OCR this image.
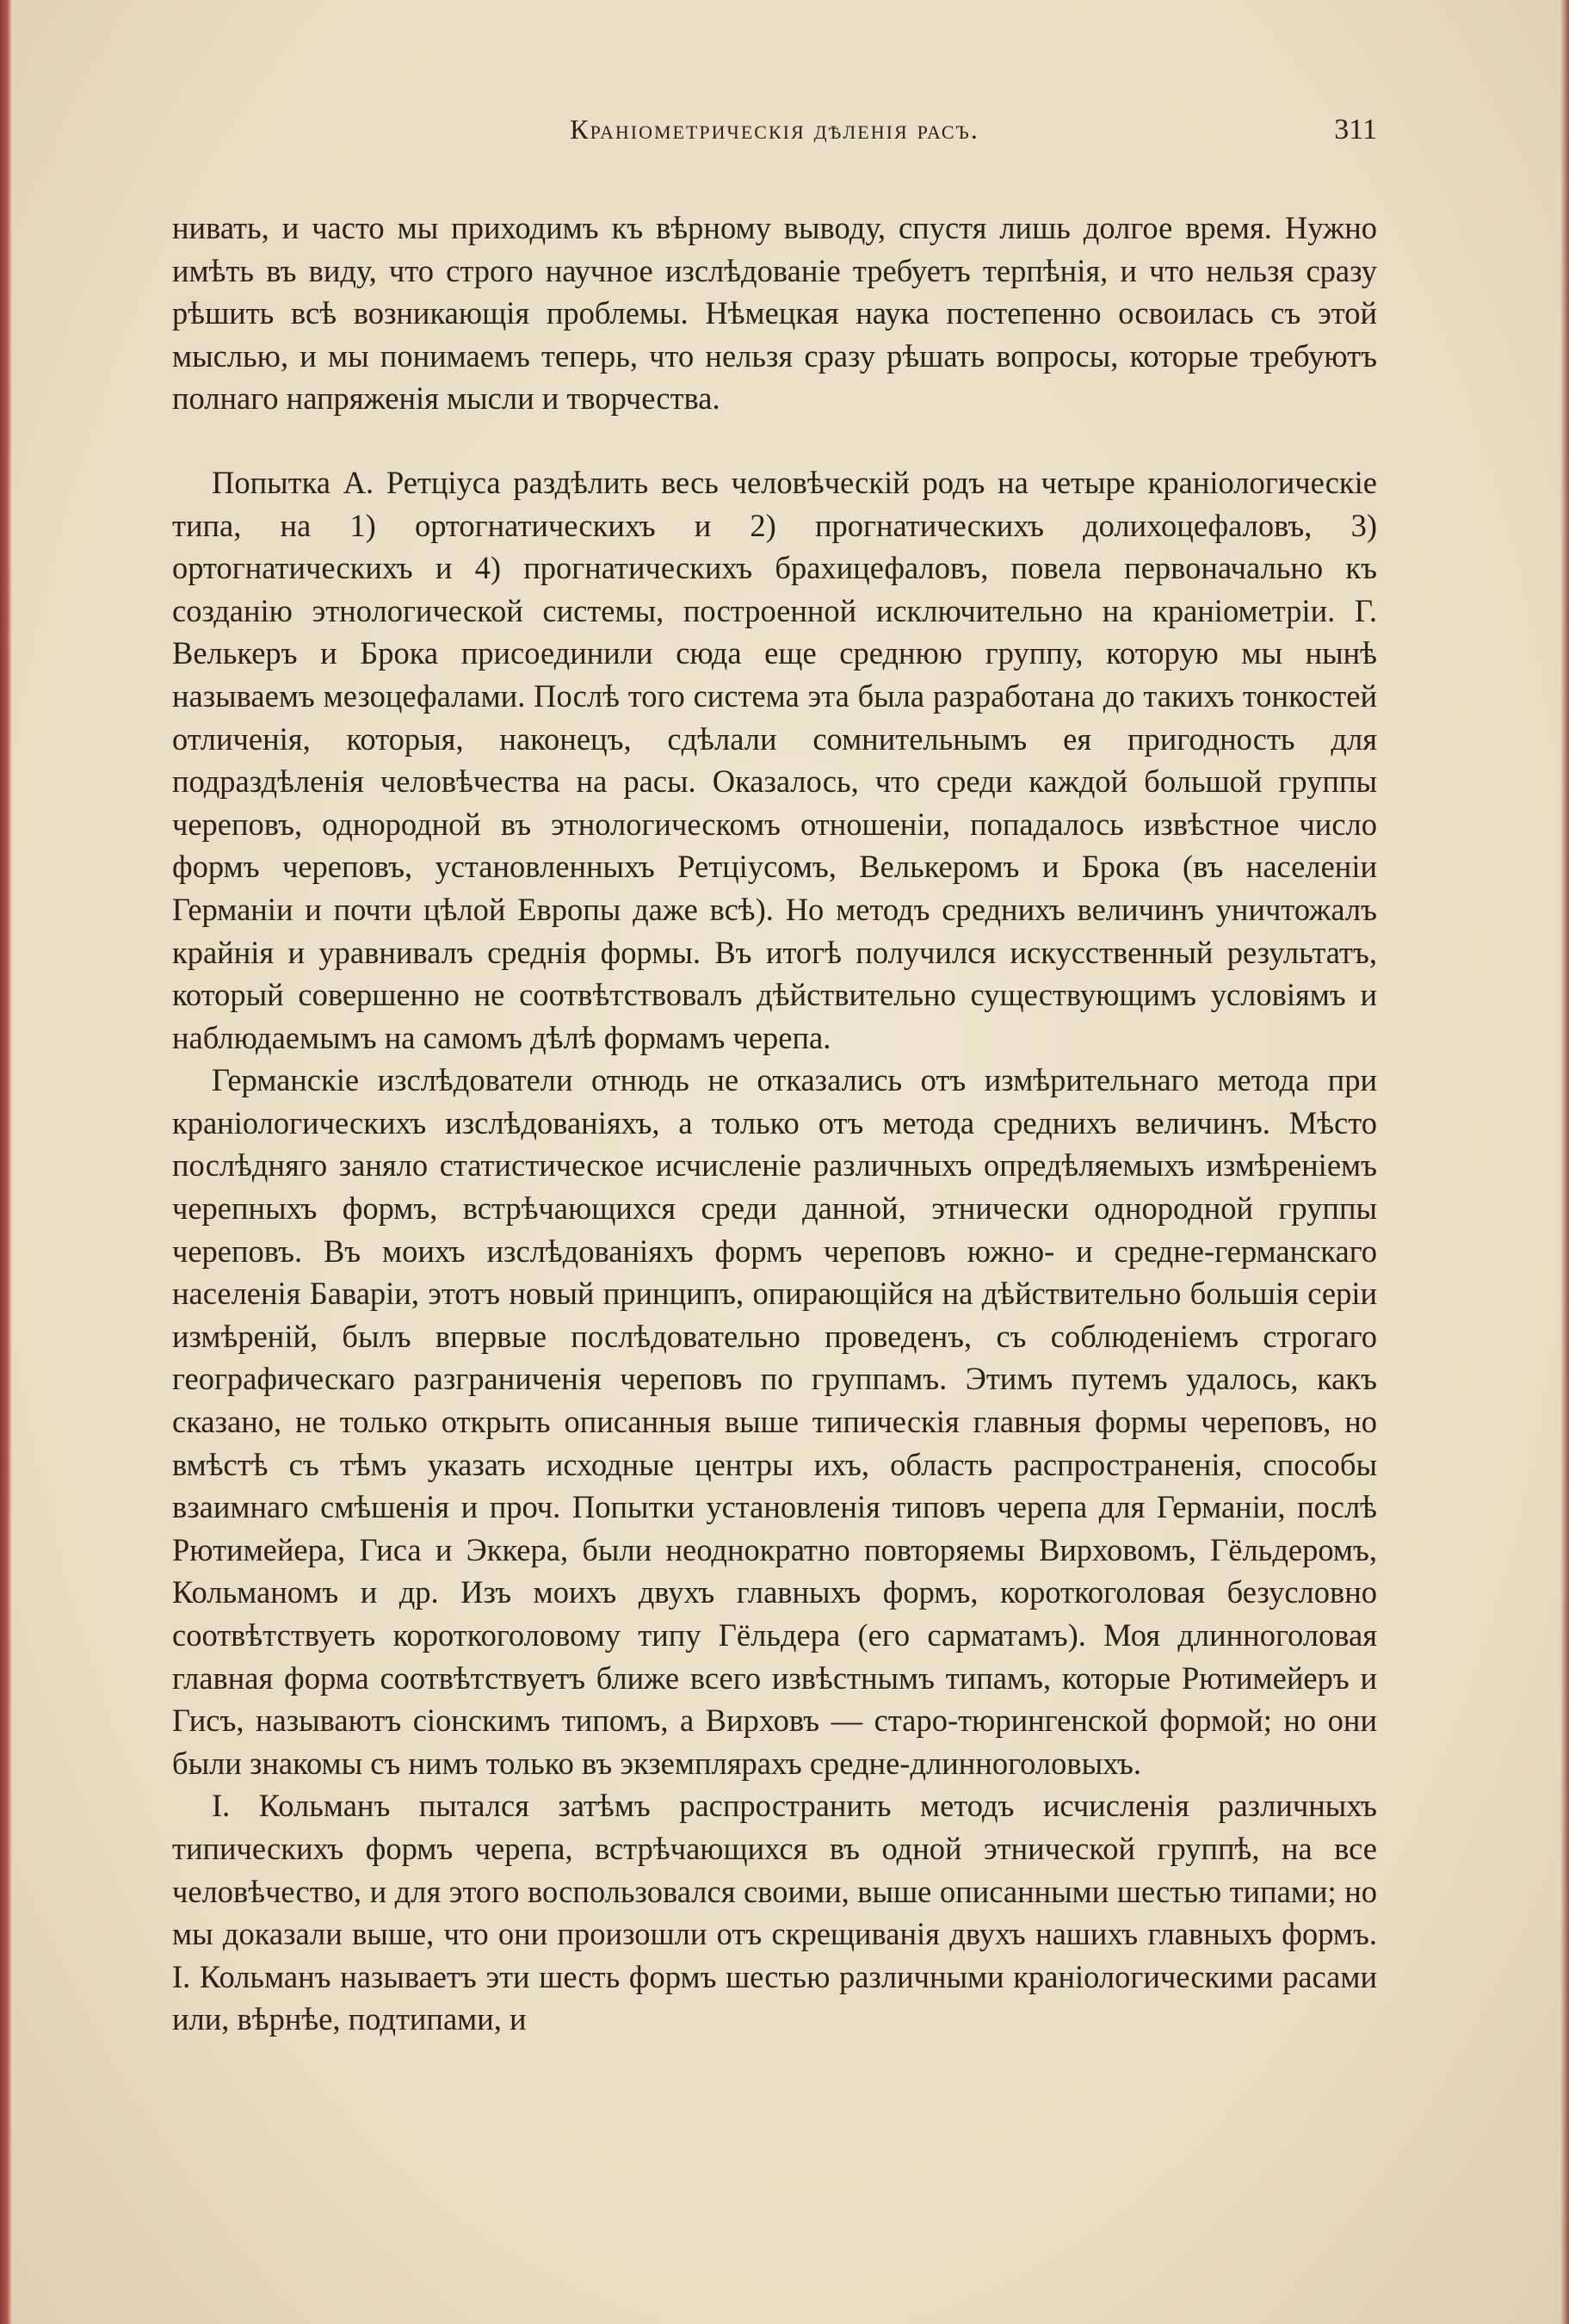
Краніометрическія дѣленія расъ.	311

нивать, и часто мы приходимъ къ вѣрному выводу, спустя лишь долгое время. Нужно имѣть въ виду, что строго научное изслѣдованіе требуетъ терпѣнія, и что нельзя сразу рѣшить всѣ возникающія проблемы. Нѣмецкая наука постепенно освоилась съ этой мыслью, и мы понимаемъ теперь, что нельзя сразу рѣшать вопросы, которые требуютъ полнаго напряженія мысли и творчества.

Попытка А. Ретціуса раздѣлить весь человѣческій родъ на четыре краніологическіе типа, на 1) ортогнатическихъ и 2) прогнатическихъ долихоцефаловъ, 3) ортогнатическихъ и 4) прогнатическихъ брахицефаловъ, повела первоначально къ созданію этнологической системы, построенной исключительно на краніометріи. Г. Велькеръ и Брока присоединили сюда еще среднюю группу, которую мы нынѣ называемъ мезоцефалами. Послѣ того система эта была разработана до такихъ тонкостей отличенія, которыя, наконецъ, сдѣлали сомнительнымъ ея пригодность для подраздѣленія человѣчества на расы. Оказалось, что среди каждой большой группы череповъ, однородной въ этнологическомъ отношеніи, попадалось извѣстное число формъ череповъ, установленныхъ Ретціусомъ, Велькеромъ и Брока (въ населеніи Германіи и почти цѣлой Европы даже всѣ). Но методъ среднихъ величинъ уничтожалъ крайнія и уравнивалъ среднія формы. Въ итогѣ получился искусственный результатъ, который совершенно не соотвѣтствовалъ дѣйствительно существующимъ условіямъ и наблюдаемымъ на самомъ дѣлѣ формамъ черепа.

Германскіе изслѣдователи отнюдь не отказались отъ измѣрительнаго метода при краніологическихъ изслѣдованіяхъ, а только отъ метода среднихъ величинъ. Мѣсто послѣдняго заняло статистическое исчисленіе различныхъ опредѣляемыхъ измѣреніемъ черепныхъ формъ, встрѣчающихся среди данной, этнически однородной группы череповъ. Въ моихъ изслѣдованіяхъ формъ череповъ южно- и средне-германскаго населенія Баваріи, этотъ новый принципъ, опирающійся на дѣйствительно большія серіи измѣреній, былъ впервые послѣдовательно проведенъ, съ соблюденіемъ строгаго географическаго разграниченія череповъ по группамъ. Этимъ путемъ удалось, какъ сказано, не только открыть описанныя выше типическія главныя формы череповъ, но вмѣстѣ съ тѣмъ указать исходные центры ихъ, область распространенія, способы взаимнаго смѣшенія и проч. Попытки установленія типовъ черепа для Германіи, послѣ Рютимейера, Гиса и Эккера, были неоднократно повторяемы Вирховомъ, Гёльдеромъ, Кольманомъ и др. Изъ моихъ двухъ главныхъ формъ, короткоголовая безусловно соотвѣтствуеть короткоголовому типу Гёльдера (его сарматамъ). Моя длинноголовая главная форма соотвѣтствуетъ ближе всего извѣстнымъ типамъ, которые Рютимейеръ и Гисъ, называютъ сіонскимъ типомъ, а Вирховъ — старо-тюрингенской формой; но они были знакомы съ нимъ только въ экземплярахъ средне-длинноголовыхъ.

I. Кольманъ пытался затѣмъ распространить методъ исчисленія различныхъ типическихъ формъ черепа, встрѣчающихся въ одной этнической группѣ, на все человѣчество, и для этого воспользовался своими, выше описанными шестью типами; но мы доказали выше, что они произошли отъ скрещиванія двухъ нашихъ главныхъ формъ. I. Кольманъ называетъ эти шесть формъ шестью различными краніологическими расами или, вѣрнѣе, подтипами, и
